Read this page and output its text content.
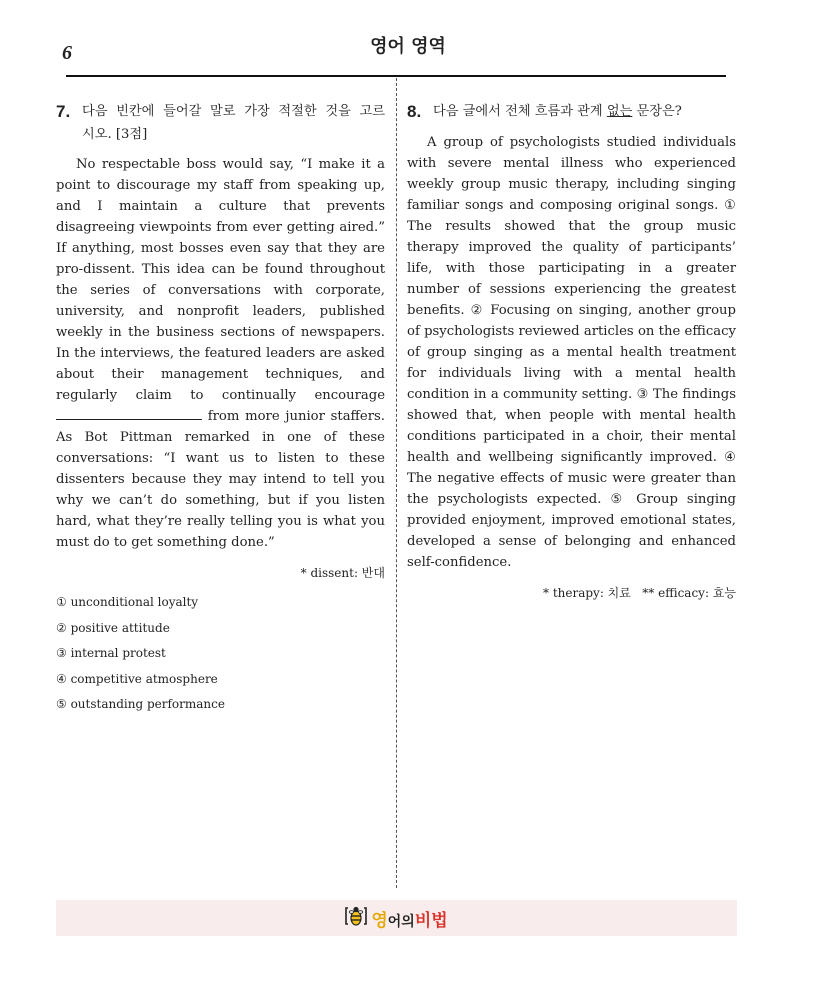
6	영어 영역
7. 다음 빈칸에 들어갈 말로 가장 적절한 것을 고르
시오. [3점]
No respectable boss would say, “I make it a point to discourage my staff from speaking up, and I maintain a culture that prevents disagreeing viewpoints from ever getting aired.” If anything, most bosses even say that they are pro-dissent. This idea can be found throughout the series of conversations with corporate, university, and nonprofit leaders, published weekly in the business sections of newspapers. In the interviews, the featured leaders are asked about their management techniques, and regularly claim to continually encourage  from more junior staffers. As Bot Pittman remarked in one of these conversations: “I want us to listen to these dissenters because they may intend to tell you why we can’t do something, but if you listen hard, what they’re really telling you is what you must do to get something done.”
* dissent: 반대
① unconditional loyalty
② positive attitude
③ internal protest
④ competitive atmosphere
⑤ outstanding performance
8. 다음 글에서 전체 흐름과 관계 없는 문장은?
A group of psychologists studied individuals with severe mental illness who experienced weekly group music therapy, including singing familiar songs and composing original songs. ① The results showed that the group music therapy improved the quality of participants’ life, with those participating in a greater number of sessions experiencing the greatest benefits. ② Focusing on singing, another group of psychologists reviewed articles on the efficacy of group singing as a mental health treatment for individuals living with a mental health condition in a community setting. ③ The findings showed that, when people with mental health conditions participated in a choir, their mental health and wellbeing significantly improved. ④ The negative effects of music were greater than the psychologists expected. ⑤ Group singing provided enjoyment, improved emotional states, developed a sense of belonging and enhanced self-confidence.
* therapy: 치료   ** efficacy: 효능
영어의비법
